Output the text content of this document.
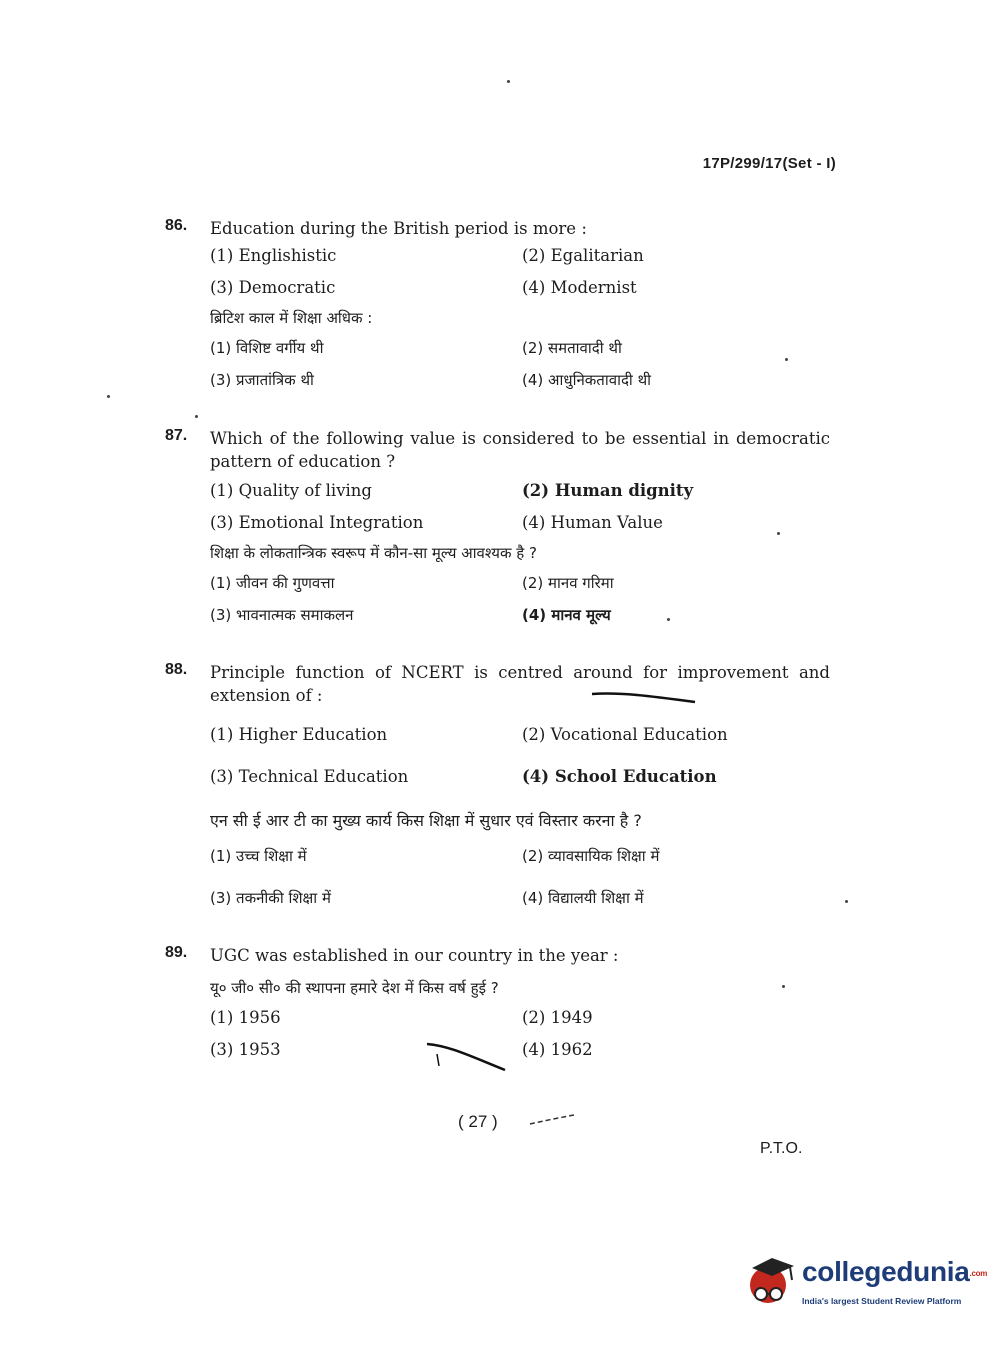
17P/299/17(Set - I)
86. Education during the British period is more :
(1) Englishistic	(2) Egalitarian
(3) Democratic	(4) Modernist
ब्रिटिश काल में शिक्षा अधिक :
(1) विशिष्ट वर्गीय थी	(2) समतावादी थी
(3) प्रजातांत्रिक थी	(4) आधुनिकतावादी थी
87. Which of the following value is considered to be essential in democratic pattern of education ?
(1) Quality of living	(2) Human dignity
(3) Emotional Integration	(4) Human Value
शिक्षा के लोकतान्त्रिक स्वरूप में कौन-सा मूल्य आवश्यक है ?
(1) जीवन की गुणवत्ता	(2) मानव गरिमा
(3) भावनात्मक समाकलन	(4) मानव मूल्य
88. Principle function of NCERT is centred around for improvement and extension of :
(1) Higher Education	(2) Vocational Education
(3) Technical Education	(4) School Education
एन सी ई आर टी का मुख्य कार्य किस शिक्षा में सुधार एवं विस्तार करना है ?
(1) उच्च शिक्षा में	(2) व्यावसायिक शिक्षा में
(3) तकनीकी शिक्षा में	(4) विद्यालयी शिक्षा में
89. UGC was established in our country in the year :
यू० जी० सी० की स्थापना हमारे देश में किस वर्ष हुई ?
(1) 1956	(2) 1949
(3) 1953	(4) 1962
( 27 )
P.T.O.
collegedunia.com
India's largest Student Review Platform
